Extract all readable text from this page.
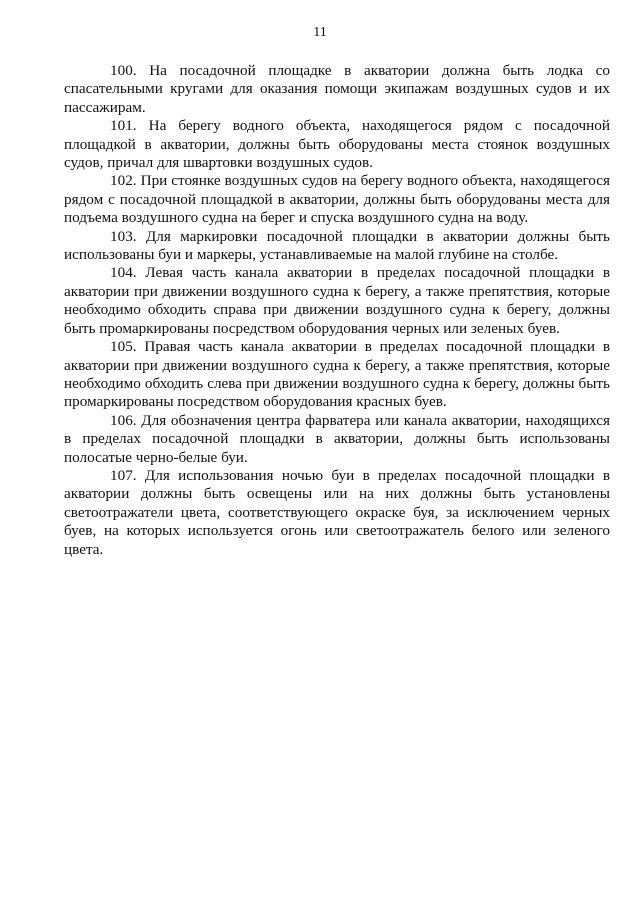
11

100. На посадочной площадке в акватории должна быть лодка со спасательными кругами для оказания помощи экипажам воздушных судов и их пассажирам.

101. На берегу водного объекта, находящегося рядом с посадочной площадкой в акватории, должны быть оборудованы места стоянок воздушных судов, причал для швартовки воздушных судов.

102. При стоянке воздушных судов на берегу водного объекта, находящегося рядом с посадочной площадкой в акватории, должны быть оборудованы места для подъема воздушного судна на берег и спуска воздушного судна на воду.

103. Для маркировки посадочной площадки в акватории должны быть использованы буи и маркеры, устанавливаемые на малой глубине на столбе.

104. Левая часть канала акватории в пределах посадочной площадки в акватории при движении воздушного судна к берегу, а также препятствия, которые необходимо обходить справа при движении воздушного судна к берегу, должны быть промаркированы посредством оборудования черных или зеленых буев.

105. Правая часть канала акватории в пределах посадочной площадки в акватории при движении воздушного судна к берегу, а также препятствия, которые необходимо обходить слева при движении воздушного судна к берегу, должны быть промаркированы посредством оборудования красных буев.

106. Для обозначения центра фарватера или канала акватории, находящихся в пределах посадочной площадки в акватории, должны быть использованы полосатые черно-белые буи.

107. Для использования ночью буи в пределах посадочной площадки в акватории должны быть освещены или на них должны быть установлены светоотражатели цвета, соответствующего окраске буя, за исключением черных буев, на которых используется огонь или светоотражатель белого или зеленого цвета.
